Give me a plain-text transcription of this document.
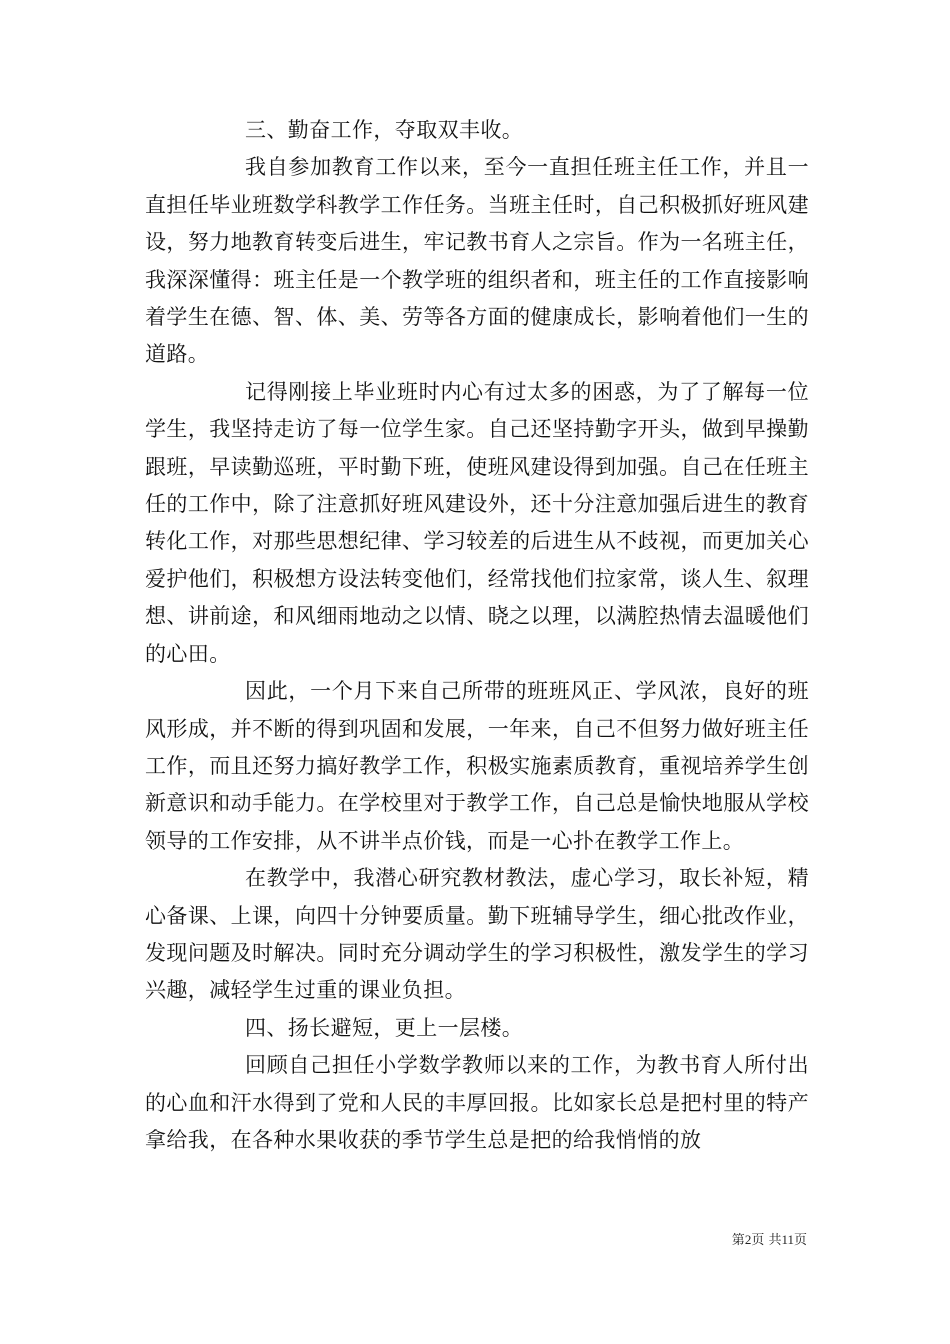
三、勤奋工作，夺取双丰收。

我自参加教育工作以来，至今一直担任班主任工作，并且一直担任毕业班数学科教学工作任务。当班主任时，自己积极抓好班风建设，努力地教育转变后进生，牢记教书育人之宗旨。作为一名班主任，我深深懂得：班主任是一个教学班的组织者和，班主任的工作直接影响着学生在德、智、体、美、劳等各方面的健康成长，影响着他们一生的道路。

记得刚接上毕业班时内心有过太多的困惑，为了了解每一位学生，我坚持走访了每一位学生家。自己还坚持勤字开头，做到早操勤跟班，早读勤巡班，平时勤下班，使班风建设得到加强。自己在任班主任的工作中，除了注意抓好班风建设外，还十分注意加强后进生的教育转化工作，对那些思想纪律、学习较差的后进生从不歧视，而更加关心爱护他们，积极想方设法转变他们，经常找他们拉家常，谈人生、叙理想、讲前途，和风细雨地动之以情、晓之以理，以满腔热情去温暖他们的心田。

因此，一个月下来自己所带的班班风正、学风浓，良好的班风形成，并不断的得到巩固和发展，一年来，自己不但努力做好班主任工作，而且还努力搞好教学工作，积极实施素质教育，重视培养学生创新意识和动手能力。在学校里对于教学工作，自己总是愉快地服从学校领导的工作安排，从不讲半点价钱，而是一心扑在教学工作上。

在教学中，我潜心研究教材教法，虚心学习，取长补短，精心备课、上课，向四十分钟要质量。勤下班辅导学生，细心批改作业，发现问题及时解决。同时充分调动学生的学习积极性，激发学生的学习兴趣，减轻学生过重的课业负担。

四、扬长避短，更上一层楼。

回顾自己担任小学数学教师以来的工作，为教书育人所付出的心血和汗水得到了党和人民的丰厚回报。比如家长总是把村里的特产拿给我，在各种水果收获的季节学生总是把的给我悄悄的放

第2页 共11页
